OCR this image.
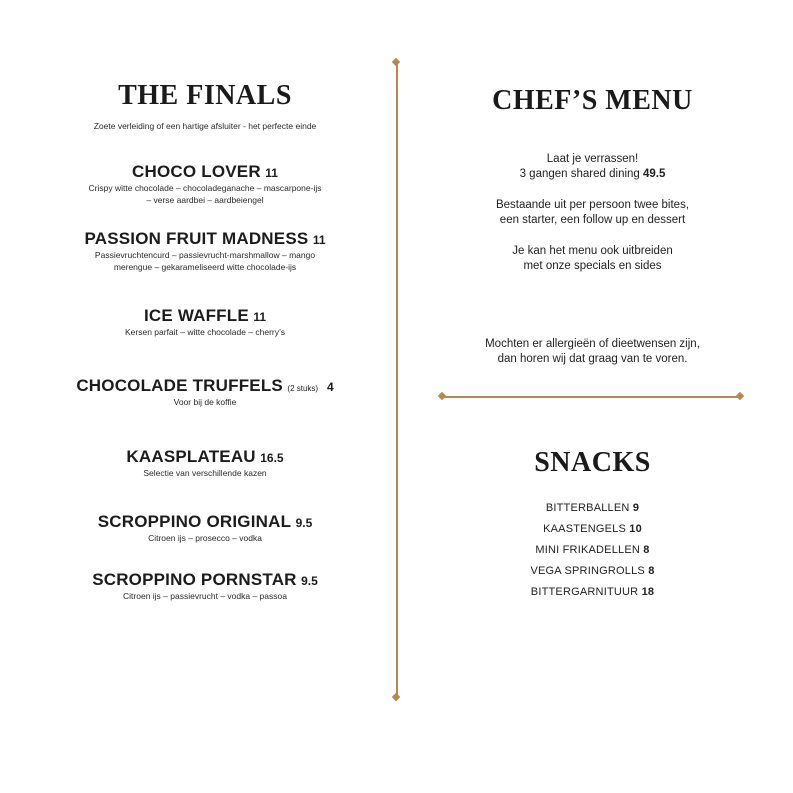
THE FINALS
Zoete verleiding of een hartige afsluiter - het perfecte einde
CHOCO LOVER 11
Crispy witte chocolade – chocoladeganache – mascarpone-ijs
– verse aardbei – aardbeiengel
PASSION FRUIT MADNESS 11
Passievruchtencurd – passievrucht-marshmallow – mango
merengue – gekarameliseerd witte chocolade-ijs
ICE WAFFLE 11
Kersen parfait – witte chocolade – cherry’s
CHOCOLADE TRUFFELS (2 stuks) 4
Voor bij de koffie
KAASPLATEAU 16.5
Selectie van verschillende kazen
SCROPPINO ORIGINAL 9.5
Citroen ijs – prosecco – vodka
SCROPPINO PORNSTAR 9.5
Citroen ijs – passievrucht – vodka – passoa
CHEF’S MENU
Laat je verrassen!
3 gangen shared dining 49.5
Bestaande uit per persoon twee bites,
een starter, een follow up en dessert
Je kan het menu ook uitbreiden
met onze specials en sides
Mochten er allergieën of dieetwensen zijn,
dan horen wij dat graag van te voren.
SNACKS
BITTERBALLEN 9
KAASTENGELS 10
MINI FRIKADELLEN 8
VEGA SPRINGROLLS 8
BITTERGARNITUUR 18
